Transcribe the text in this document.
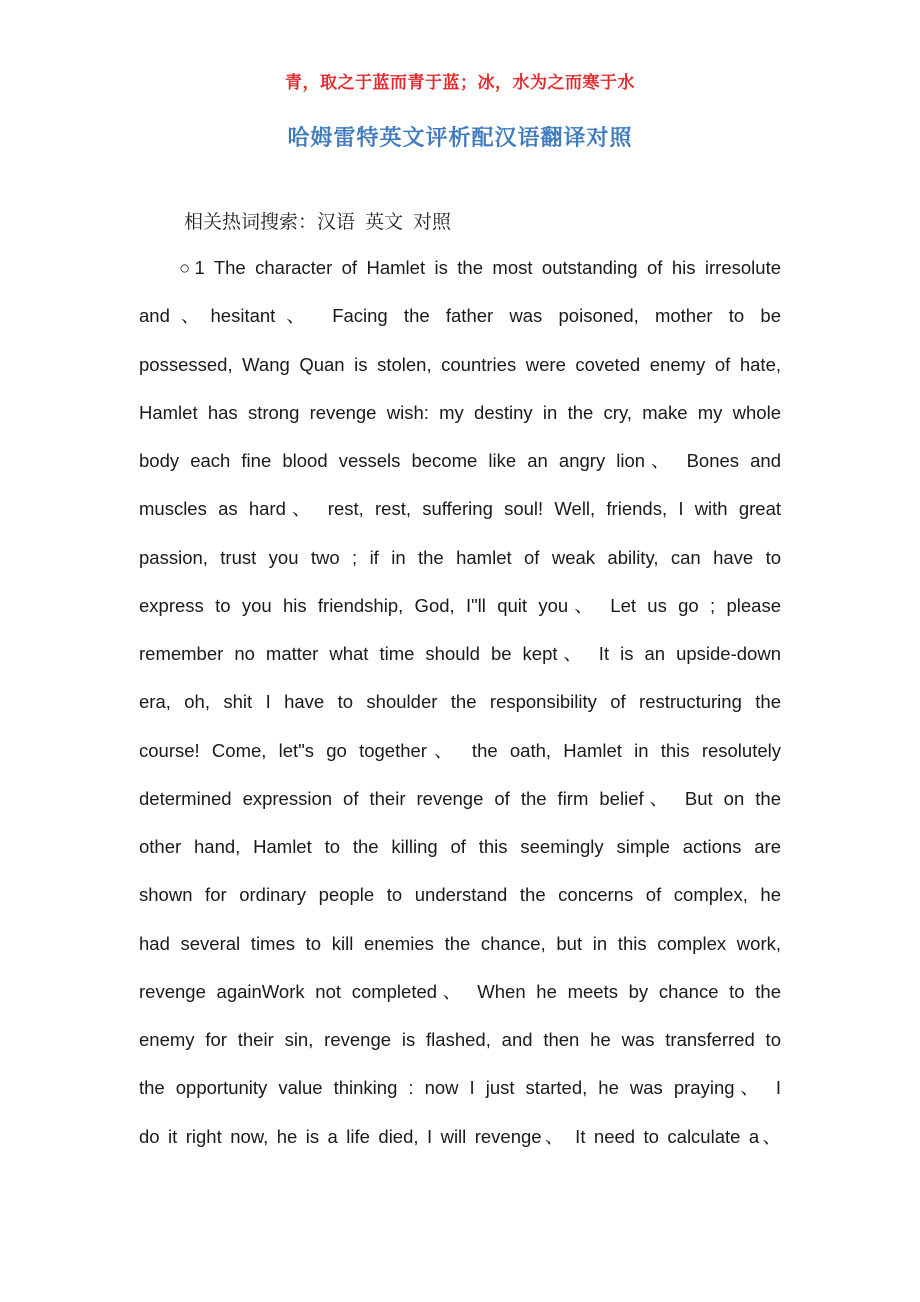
青，取之于蓝而青于蓝；冰，水为之而寒于水
哈姆雷特英文评析配汉语翻译对照
相关热词搜索：汉语 英文 对照
○1 The character of Hamlet is the most outstanding of his irresolute
and、hesitant、 Facing the father was poisoned, mother to be
possessed, Wang Quan is stolen, countries were coveted enemy of hate,
Hamlet has strong revenge wish: my destiny in the cry, make my whole
body each fine blood vessels become like an angry lion、 Bones and
muscles as hard、 rest, rest, suffering soul! Well, friends, I with great
passion, trust you two ; if in the hamlet of weak ability, can have to
express to you his friendship, God, I"ll quit you、 Let us go ; please
remember no matter what time should be kept、 It is an upside-down
era, oh, shit I have to shoulder the responsibility of restructuring the
course! Come, let"s go together、 the oath, Hamlet in this resolutely
determined expression of their revenge of the firm belief、 But on the
other hand, Hamlet to the killing of this seemingly simple actions are
shown for ordinary people to understand the concerns of complex, he
had several times to kill enemies the chance, but in this complex work,
revenge againWork not completed、 When he meets by chance to the
enemy for their sin, revenge is flashed, and then he was transferred to
the opportunity value thinking : now I just started, he was praying、 I
do it right now, he is a life died, I will revenge、 It need to calculate a、
